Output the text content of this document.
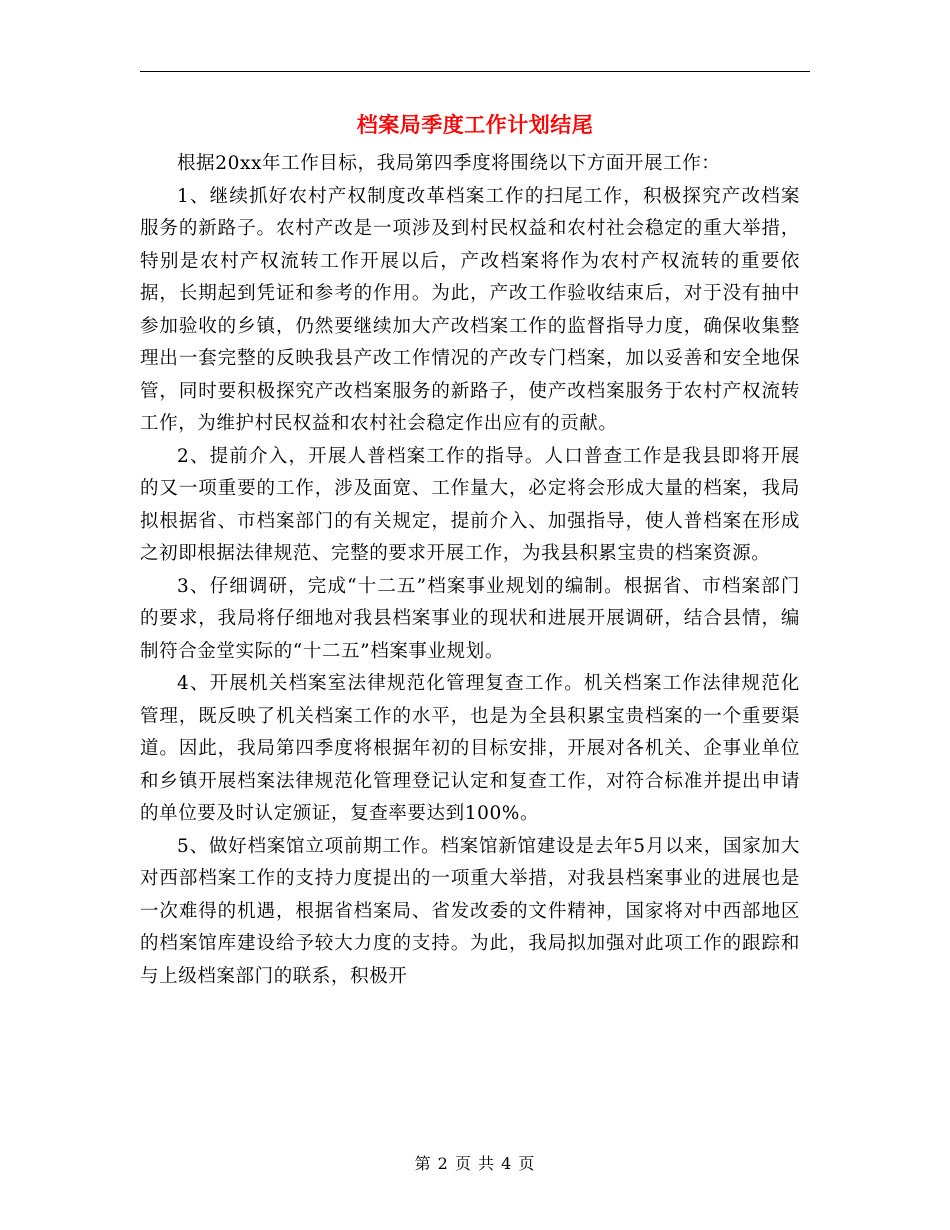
档案局季度工作计划结尾

根据20xx年工作目标，我局第四季度将围绕以下方面开展工作：

1、继续抓好农村产权制度改革档案工作的扫尾工作，积极探究产改档案服务的新路子。农村产改是一项涉及到村民权益和农村社会稳定的重大举措，特别是农村产权流转工作开展以后，产改档案将作为农村产权流转的重要依据，长期起到凭证和参考的作用。为此，产改工作验收结束后，对于没有抽中参加验收的乡镇，仍然要继续加大产改档案工作的监督指导力度，确保收集整理出一套完整的反映我县产改工作情况的产改专门档案，加以妥善和安全地保管，同时要积极探究产改档案服务的新路子，使产改档案服务于农村产权流转工作，为维护村民权益和农村社会稳定作出应有的贡献。

2、提前介入，开展人普档案工作的指导。人口普查工作是我县即将开展的又一项重要的工作，涉及面宽、工作量大，必定将会形成大量的档案，我局拟根据省、市档案部门的有关规定，提前介入、加强指导，使人普档案在形成之初即根据法律规范、完整的要求开展工作，为我县积累宝贵的档案资源。

3、仔细调研，完成“十二五”档案事业规划的编制。根据省、市档案部门的要求，我局将仔细地对我县档案事业的现状和进展开展调研，结合县情，编制符合金堂实际的“十二五”档案事业规划。

4、开展机关档案室法律规范化管理复查工作。机关档案工作法律规范化管理，既反映了机关档案工作的水平，也是为全县积累宝贵档案的一个重要渠道。因此，我局第四季度将根据年初的目标安排，开展对各机关、企事业单位和乡镇开展档案法律规范化管理登记认定和复查工作，对符合标准并提出申请的单位要及时认定颁证，复查率要达到100%。

5、做好档案馆立项前期工作。档案馆新馆建设是去年5月以来，国家加大对西部档案工作的支持力度提出的一项重大举措，对我县档案事业的进展也是一次难得的机遇，根据省档案局、省发改委的文件精神，国家将对中西部地区的档案馆库建设给予较大力度的支持。为此，我局拟加强对此项工作的跟踪和与上级档案部门的联系，积极开

第 2 页 共 4 页
